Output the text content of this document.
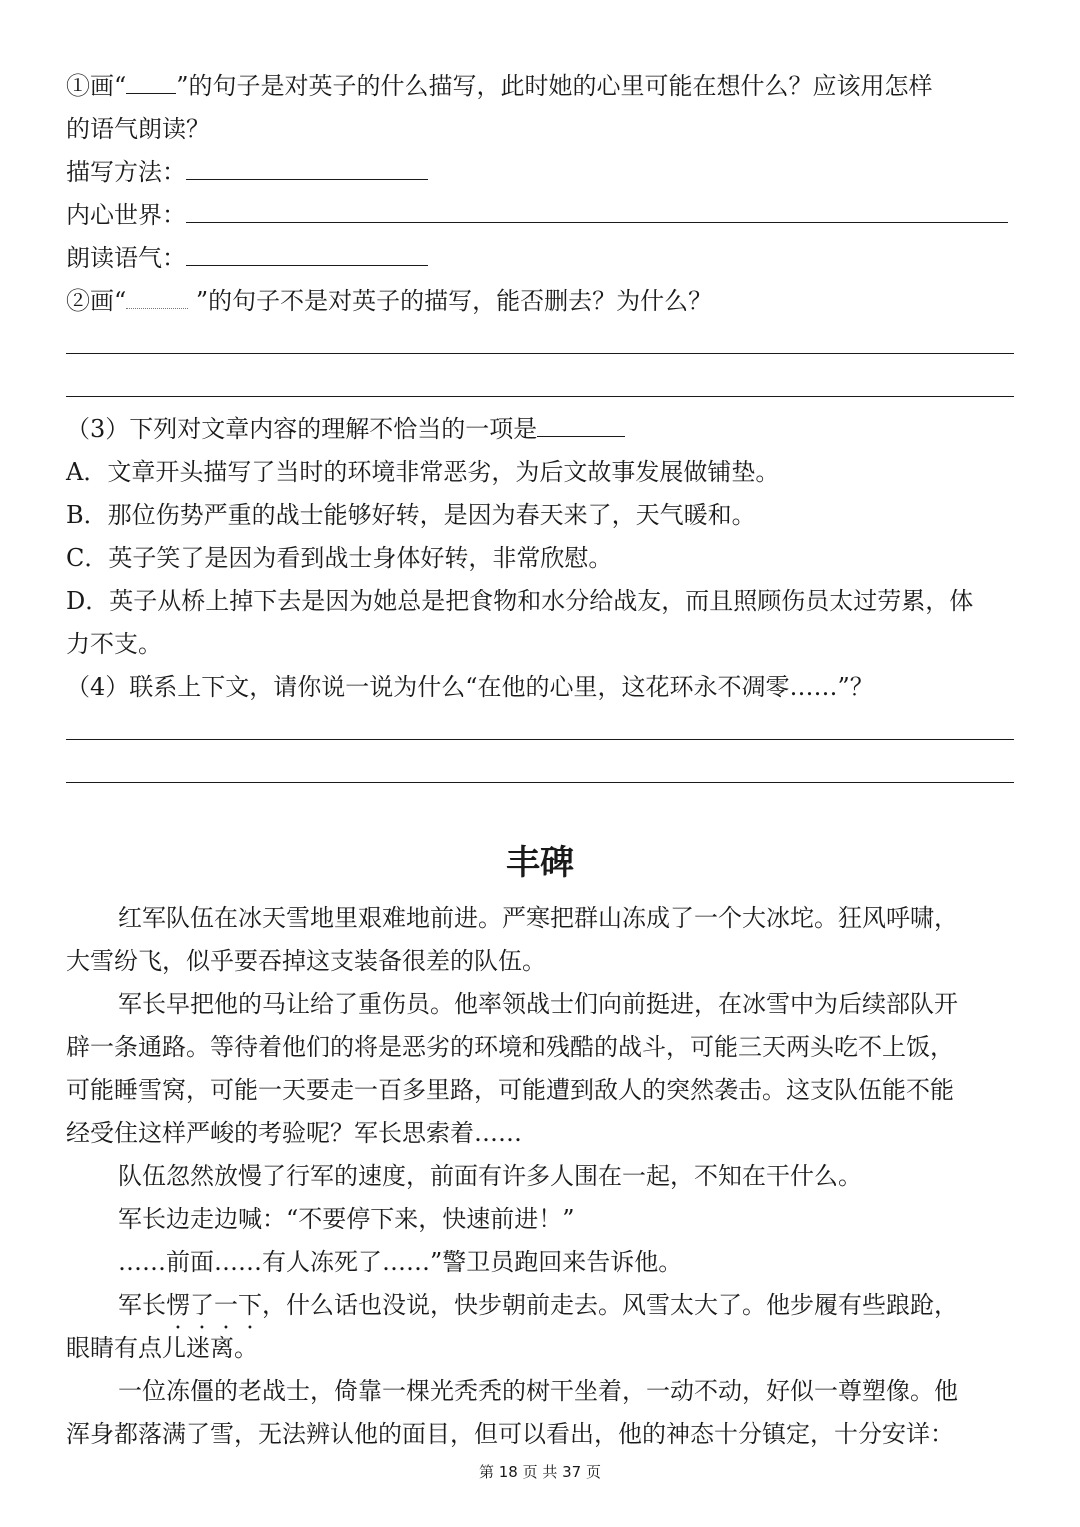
①画“ ”的句子是对英子的什么描写，此时她的心里可能在想什么？应该用怎样
的语气朗读？
描写方法：
内心世界：
朗读语气：
②画“	”的句子不是对英子的描写，能否删去？为什么？
（3）下列对文章内容的理解不恰当的一项是
A．文章开头描写了当时的环境非常恶劣，为后文故事发展做铺垫。
B．那位伤势严重的战士能够好转，是因为春天来了，天气暖和。
C．英子笑了是因为看到战士身体好转，非常欣慰。
D．英子从桥上掉下去是因为她总是把食物和水分给战友，而且照顾伤员太过劳累，体
力不支。
（4）联系上下文，请你说一说为什么“在他的心里，这花环永不凋零……”？
丰碑
红军队伍在冰天雪地里艰难地前进。严寒把群山冻成了一个大冰坨。狂风呼啸，
大雪纷飞，似乎要吞掉这支装备很差的队伍。
军长早把他的马让给了重伤员。他率领战士们向前挺进，在冰雪中为后续部队开
辟一条通路。等待着他们的将是恶劣的环境和残酷的战斗，可能三天两头吃不上饭，
可能睡雪窝，可能一天要走一百多里路，可能遭到敌人的突然袭击。这支队伍能不能
经受住这样严峻的考验呢？军长思索着……
队伍忽然放慢了行军的速度，前面有许多人围在一起，不知在干什么。
军长边走边喊：“不要停下来，快速前进！”
……前面……有人冻死了……”警卫员跑回来告诉他。
军长愣了一下，什么话也没说，快步朝前走去。风雪太大了。他步履有些踉跄，
眼睛有点儿迷离。
一位冻僵的老战士，倚靠一棵光秃秃的树干坐着，一动不动，好似一尊塑像。他
浑身都落满了雪，无法辨认他的面目，但可以看出，他的神态十分镇定，十分安详：
第 18 页 共 37 页
